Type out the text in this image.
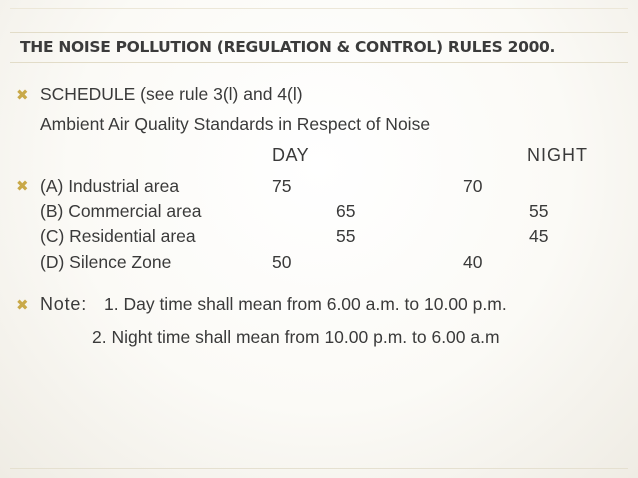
THE NOISE POLLUTION (REGULATION & CONTROL) RULES 2000.
✖ SCHEDULE (see rule 3(l) and 4(l)
Ambient Air Quality Standards in Respect of Noise
DAY	NIGHT
✖ (A) Industrial area	75	70
(B) Commercial area	65	55
(C) Residential area	55	45
(D) Silence Zone	50	40
✖ Note: 1. Day time shall mean from 6.00 a.m. to 10.00 p.m.
2. Night time shall mean from 10.00 p.m. to 6.00 a.m
